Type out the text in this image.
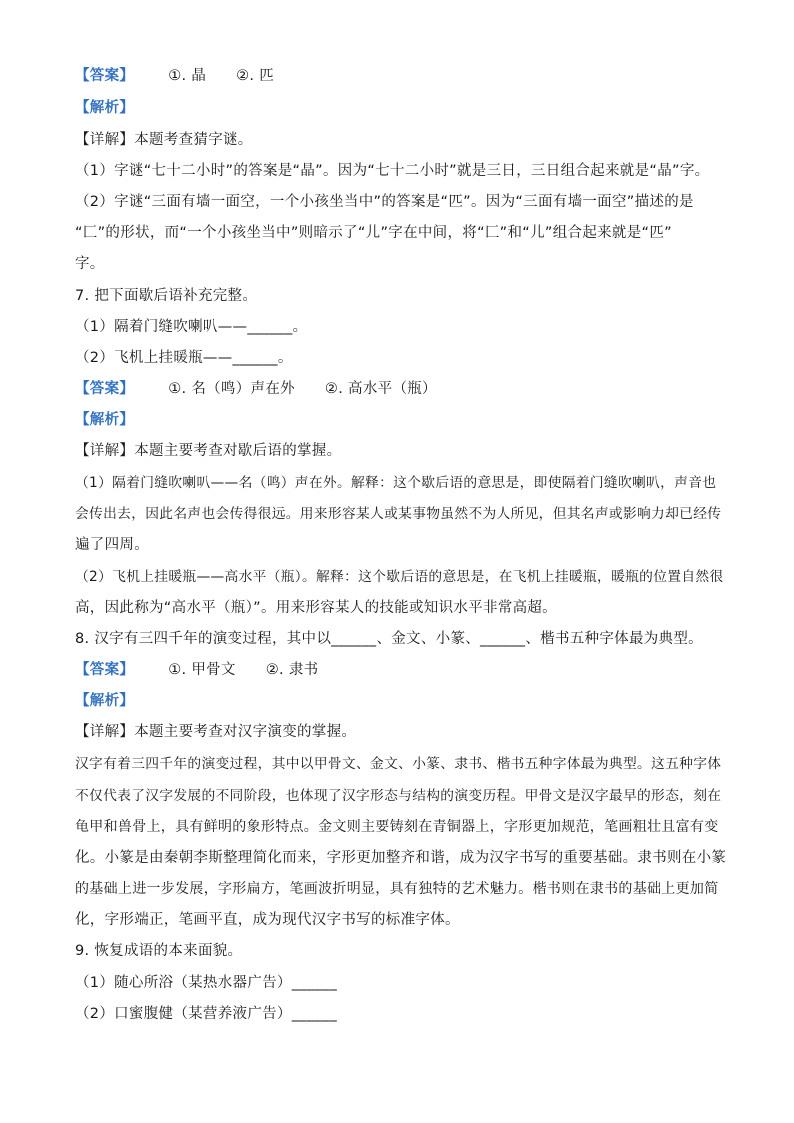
【答案】 ①. 晶 ②. 匹
【解析】
【详解】本题考查猜字谜。
（1）字谜“七十二小时”的答案是“晶”。因为“七十二小时”就是三日，三日组合起来就是“晶”字。
（2）字谜“三面有墙一面空，一个小孩坐当中”的答案是“匹”。因为“三面有墙一面空”描述的是
“匚”的形状，而“一个小孩坐当中”则暗示了“儿”字在中间，将“匚”和“儿”组合起来就是“匹”
字。
7. 把下面歇后语补充完整。
（1）隔着门缝吹喇叭——______。
（2）飞机上挂暖瓶——______。
【答案】 ①. 名（鸣）声在外 ②. 高水平（瓶）
【解析】
【详解】本题主要考查对歇后语的掌握。
（1）隔着门缝吹喇叭——名（鸣）声在外。解释：这个歇后语的意思是，即使隔着门缝吹喇叭，声音也
会传出去，因此名声也会传得很远。用来形容某人或某事物虽然不为人所见，但其名声或影响力却已经传
遍了四周。
（2）飞机上挂暖瓶——高水平（瓶）。解释：这个歇后语的意思是，在飞机上挂暖瓶，暖瓶的位置自然很
高，因此称为“高水平（瓶）”。用来形容某人的技能或知识水平非常高超。
8. 汉字有三四千年的演变过程，其中以______、金文、小篆、______、楷书五种字体最为典型。
【答案】 ①. 甲骨文 ②. 隶书
【解析】
【详解】本题主要考查对汉字演变的掌握。
汉字有着三四千年的演变过程，其中以甲骨文、金文、小篆、隶书、楷书五种字体最为典型。这五种字体
不仅代表了汉字发展的不同阶段，也体现了汉字形态与结构的演变历程。甲骨文是汉字最早的形态，刻在
龟甲和兽骨上，具有鲜明的象形特点。金文则主要铸刻在青铜器上，字形更加规范，笔画粗壮且富有变
化。小篆是由秦朝李斯整理简化而来，字形更加整齐和谐，成为汉字书写的重要基础。隶书则在小篆
的基础上进一步发展，字形扁方，笔画波折明显，具有独特的艺术魅力。楷书则在隶书的基础上更加简
化，字形端正，笔画平直，成为现代汉字书写的标准字体。
9. 恢复成语的本来面貌。
（1）随心所浴（某热水器广告）______
（2）口蜜腹健（某营养液广告）______
